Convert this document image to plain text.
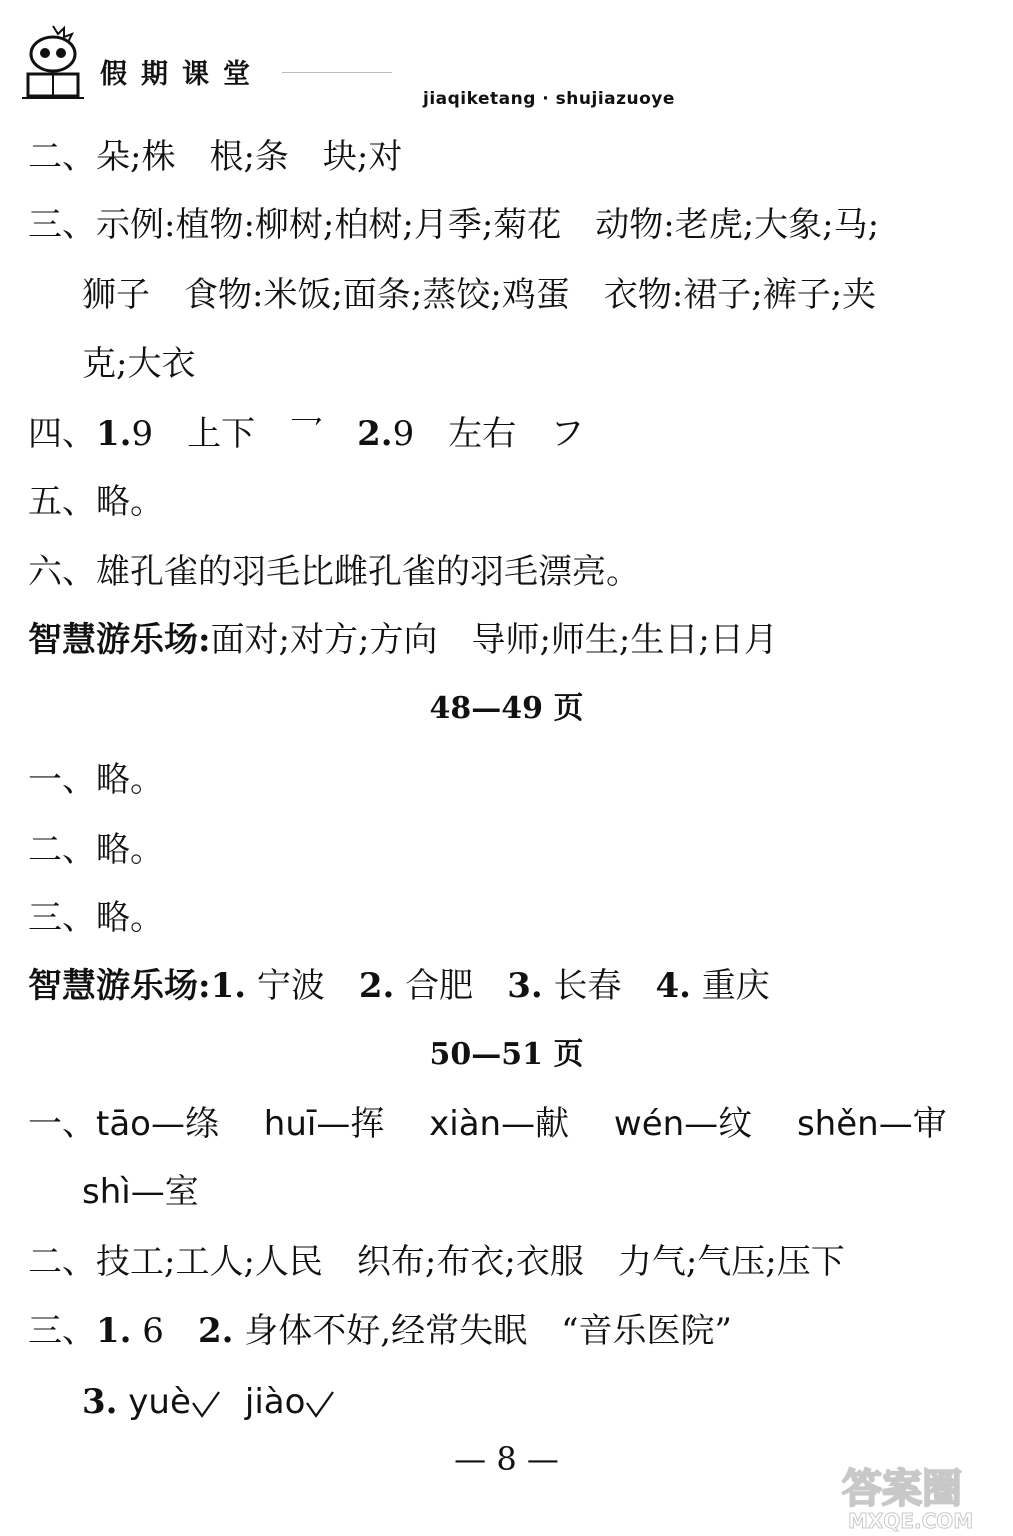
假期课堂
jiaqiketang · shujiazuoye
二、朵;株　根;条　块;对
三、示例:植物:柳树;柏树;月季;菊花　动物:老虎;大象;马;
狮子　食物:米饭;面条;蒸饺;鸡蛋　衣物:裙子;裤子;夹
克;大衣
四、1.9　上下　乛　2.9　左右　フ
五、略。
六、雄孔雀的羽毛比雌孔雀的羽毛漂亮。
智慧游乐场:面对;对方;方向　导师;师生;生日;日月
48—49 页
一、略。
二、略。
三、略。
智慧游乐场:1. 宁波　2. 合肥　3. 长春　4. 重庆
50—51 页
一、tāo—绦　 huī—挥　 xiàn—献　 wén—纹　 shěn—审
shì—室
二、技工;工人;人民　织布;布衣;衣服　力气;气压;压下
三、1. 6　2. 身体不好,经常失眠　“音乐医院”
3. yuè jiào
— 8 —
答案圈
MXQE.COM
